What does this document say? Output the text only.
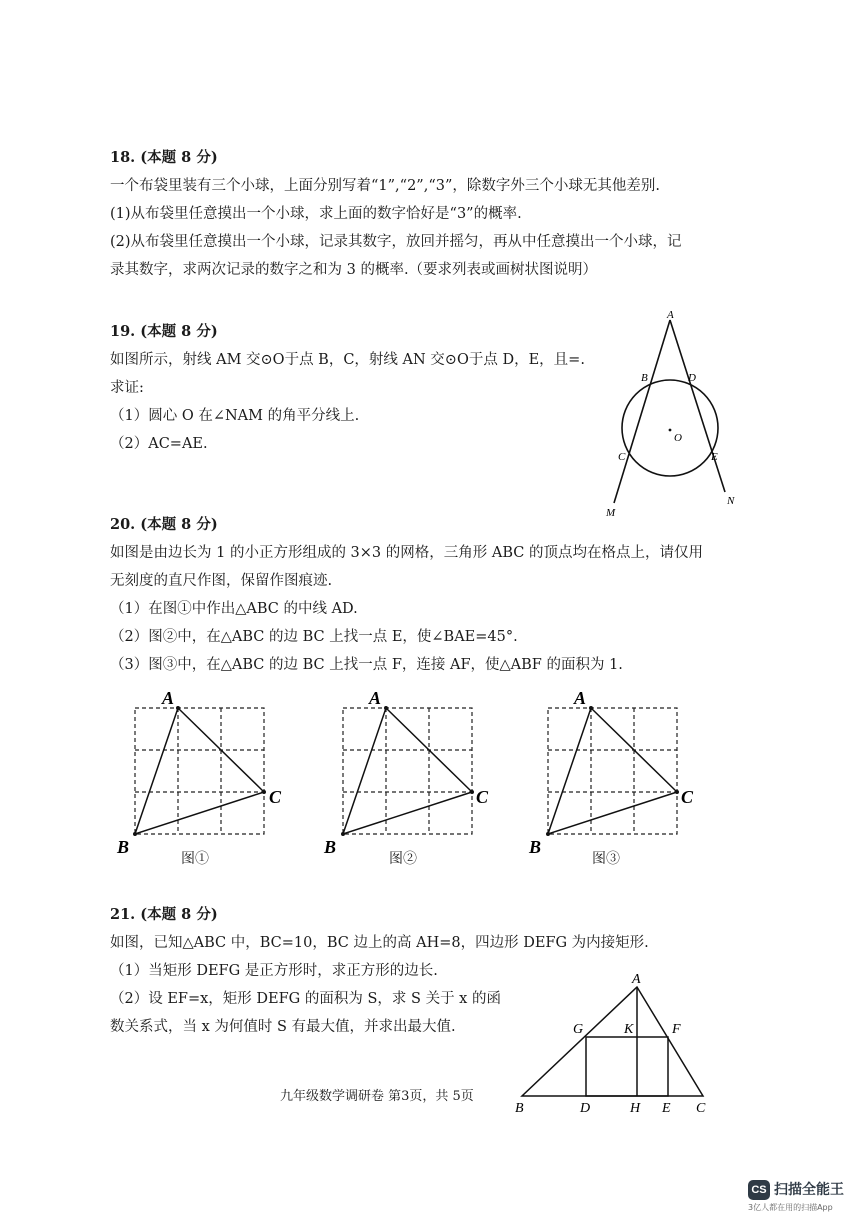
18. (本题 8 分)
一个布袋里装有三个小球，上面分别写着“1”,“2”,“3”，除数字外三个小球无其他差别.
(1)从布袋里任意摸出一个小球，求上面的数字恰好是“3”的概率.
(2)从布袋里任意摸出一个小球，记录其数字，放回并摇匀，再从中任意摸出一个小球，记
录其数字，求两次记录的数字之和为 3 的概率.（要求列表或画树状图说明）
19. (本题 8 分)
如图所示，射线 AM 交⊙O于点 B，C，射线 AN 交⊙O于点 D，E，且=.
求证:
（1）圆心 O 在∠NAM 的角平分线上.
（2）AC=AE.
A
B	D
O
C	E
M
N
20. (本题 8 分)
如图是由边长为 1 的小正方形组成的 3×3 的网格，三角形 ABC 的顶点均在格点上，请仅用
无刻度的直尺作图，保留作图痕迹.
（1）在图①中作出△ABC 的中线 AD.
（2）图②中，在△ABC 的边 BC 上找一点 E，使∠BAE=45°.
（3）图③中，在△ABC 的边 BC 上找一点 F，连接 AF，使△ABF 的面积为 1.
A
C
B
图①
A
C
B
图②
A
C
B
图③
21. (本题 8 分)
如图，已知△ABC 中，BC=10，BC 边上的高 AH=8，四边形 DEFG 为内接矩形.
（1）当矩形 DEFG 是正方形时，求正方形的边长.
（2）设 EF=x，矩形 DEFG 的面积为 S，求 S 关于 x 的函
数关系式，当 x 为何值时 S 有最大值，并求出最大值.
A
G	K	F
B	D	H E C
九年级数学调研卷 第3页，共 5页
CS 扫描全能王
3亿人都在用的扫描App
